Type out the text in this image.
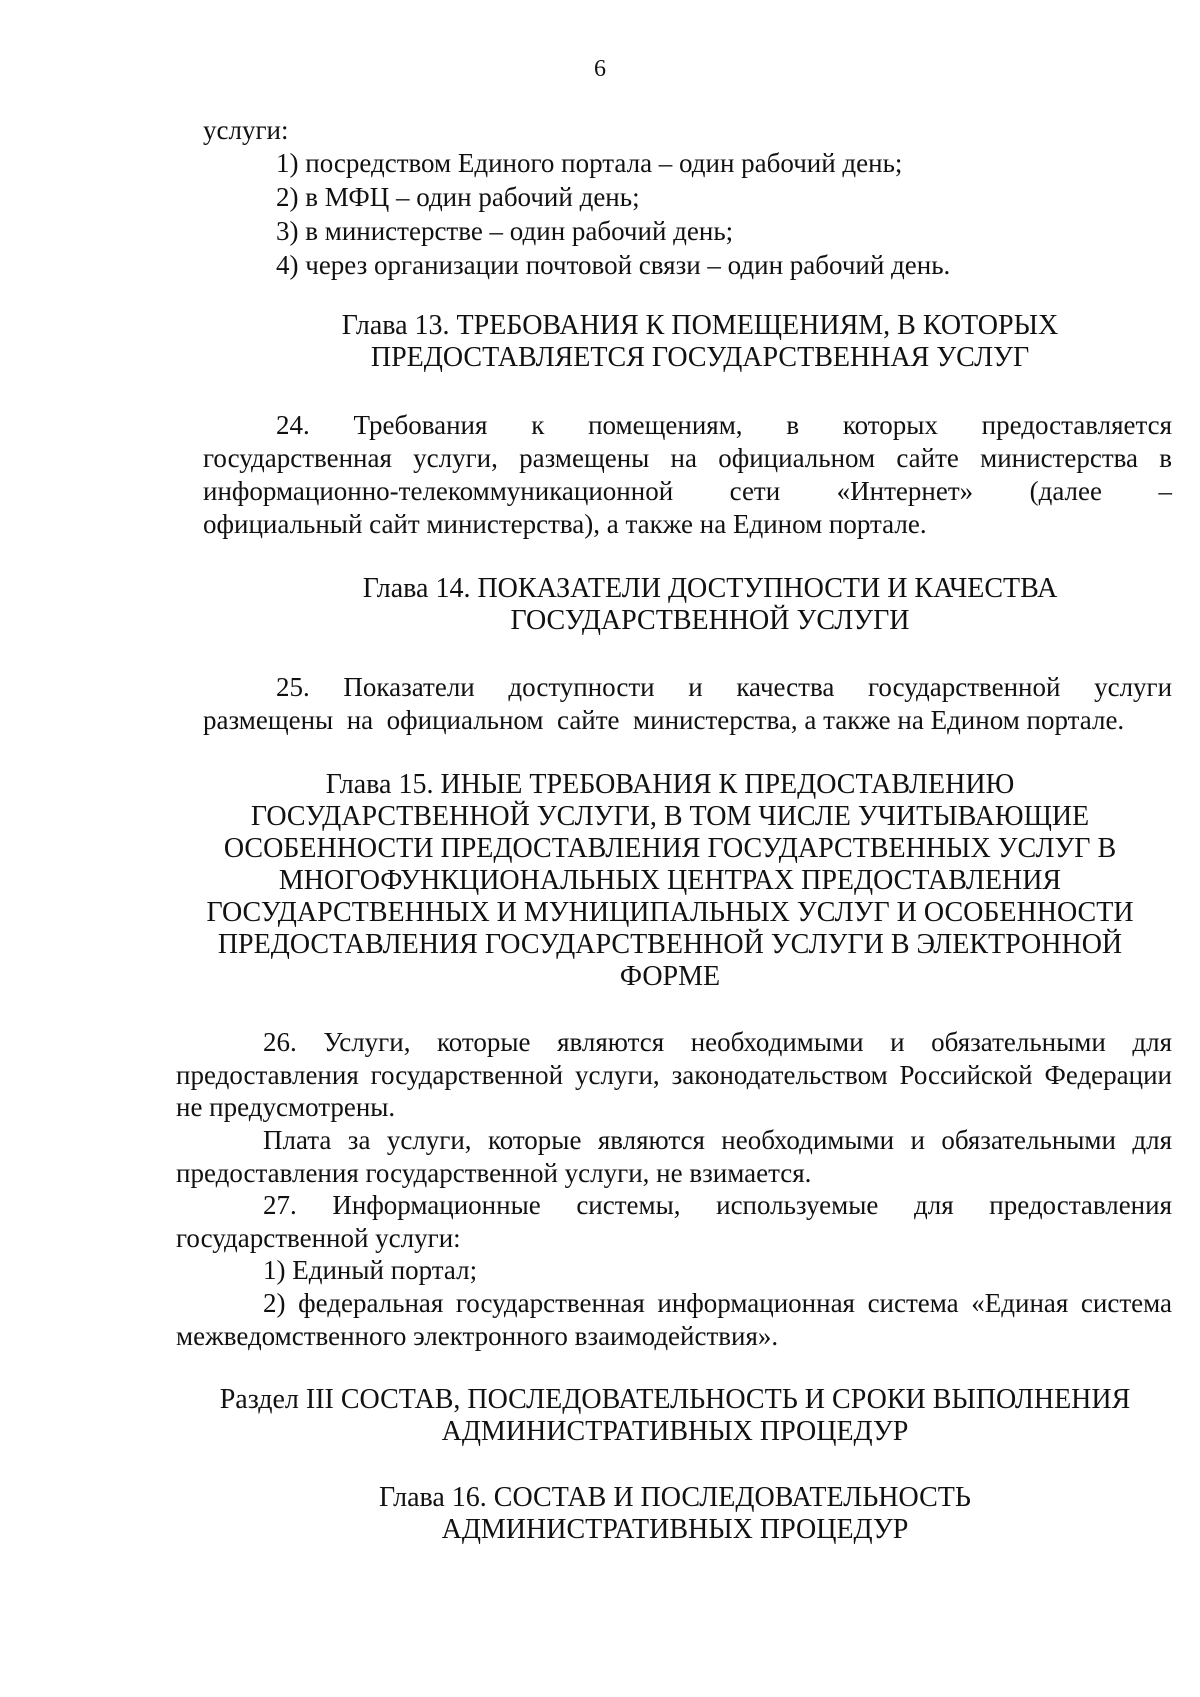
6
услуги:
1) посредством Единого портала – один рабочий день;
2) в МФЦ – один рабочий день;
3) в министерстве – один рабочий день;
4) через организации почтовой связи – один рабочий день.
Глава 13. ТРЕБОВАНИЯ К ПОМЕЩЕНИЯМ, В КОТОРЫХ
ПРЕДОСТАВЛЯЕТСЯ ГОСУДАРСТВЕННАЯ УСЛУГ
24. Требования к помещениям, в которых предоставляется
государственная услуги, размещены на официальном сайте министерства в
информационно-телекоммуникационной сети «Интернет» (далее –
официальный сайт министерства), а также на Едином портале.
Глава 14. ПОКАЗАТЕЛИ ДОСТУПНОСТИ И КАЧЕСТВА
ГОСУДАРСТВЕННОЙ УСЛУГИ
25. Показатели доступности и качества государственной услуги
размещены  на  официальном  сайте  министерства, а также на Едином портале.
Глава 15. ИНЫЕ ТРЕБОВАНИЯ К ПРЕДОСТАВЛЕНИЮ
ГОСУДАРСТВЕННОЙ УСЛУГИ, В ТОМ ЧИСЛЕ УЧИТЫВАЮЩИЕ
ОСОБЕННОСТИ ПРЕДОСТАВЛЕНИЯ ГОСУДАРСТВЕННЫХ УСЛУГ В
МНОГОФУНКЦИОНАЛЬНЫХ ЦЕНТРАХ ПРЕДОСТАВЛЕНИЯ
ГОСУДАРСТВЕННЫХ И МУНИЦИПАЛЬНЫХ УСЛУГ И ОСОБЕННОСТИ
ПРЕДОСТАВЛЕНИЯ ГОСУДАРСТВЕННОЙ УСЛУГИ В ЭЛЕКТРОННОЙ
ФОРМЕ
26. Услуги, которые являются необходимыми и обязательными для предоставления государственной услуги, законодательством Российской Федерации не предусмотрены.
Плата за услуги, которые являются необходимыми и обязательными для предоставления государственной услуги, не взимается.
27. Информационные системы, используемые для предоставления государственной услуги:
1) Единый портал;
2) федеральная государственная информационная система «Единая система межведомственного электронного взаимодействия».
Раздел III СОСТАВ, ПОСЛЕДОВАТЕЛЬНОСТЬ И СРОКИ ВЫПОЛНЕНИЯ
АДМИНИСТРАТИВНЫХ ПРОЦЕДУР
Глава 16. СОСТАВ И ПОСЛЕДОВАТЕЛЬНОСТЬ
АДМИНИСТРАТИВНЫХ ПРОЦЕДУР
